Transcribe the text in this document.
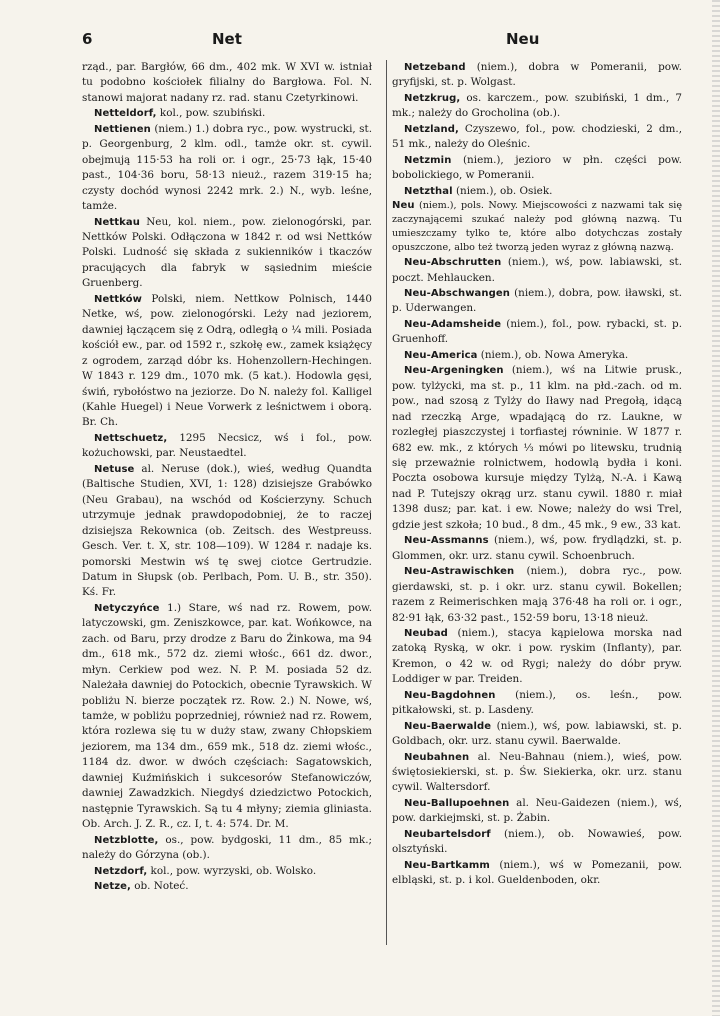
6	Net	Neu

rząd., par. Bargłów, 66 dm., 402 mk. W XVI w. istniał tu podobno kościołek filialny do Bargłowa. Fol. N. stanowi majorat nadany rz. rad. stanu Czetyrkinowi.

Netteldorf, kol., pow. szubiński.

Nettienen (niem.) 1.) dobra ryc., pow. wystrucki, st. p. Georgenburg, 2 klm. odl., tamże okr. st. cywil. obejmują 115·53 ha roli or. i ogr., 25·73 łąk, 15·40 past., 104·36 boru, 58·13 nieuż., razem 319·15 ha; czysty dochód wynosi 2242 mrk. 2.) N., wyb. leśne, tamże.

Nettkau Neu, kol. niem., pow. zielonogórski, par. Nettków Polski. Odłączona w 1842 r. od wsi Nettków Polski. Ludność się składa z sukienników i tkaczów pracujących dla fabryk w sąsiednim mieście Gruenberg.

Nettków Polski, niem. Nettkow Polnisch, 1440 Netke, wś, pow. zielonogórski. Leży nad jeziorem, dawniej łączącem się z Odrą, odległą o ¼ mili. Posiada kościół ew., par. od 1592 r., szkołę ew., zamek książęcy z ogrodem, zarząd dóbr ks. Hohenzollern-Hechingen. W 1843 r. 129 dm., 1070 mk. (5 kat.). Hodowla gęsi, świń, rybołóstwo na jeziorze. Do N. należy fol. Kalligel (Kahle Huegel) i Neue Vorwerk z leśnictwem i oborą. Br. Ch.

Nettschuetz, 1295 Necsicz, wś i fol., pow. kożuchowski, par. Neustaedtel.

Netuse al. Neruse (dok.), wieś, według Quandta (Baltische Studien, XVI, 1: 128) dzisiejsze Grabówko (Neu Grabau), na wschód od Kościerzyny. Schuch utrzymuje jednak prawdopodobniej, że to raczej dzisiejsza Rekownica (ob. Zeitsch. des Westpreuss. Gesch. Ver. t. X, str. 108—109). W 1284 r. nadaje ks. pomorski Mestwin wś tę swej ciotce Gertrudzie. Datum in Słupsk (ob. Perlbach, Pom. U. B., str. 350). Kś. Fr.

Netyczyńce 1.) Stare, wś nad rz. Rowem, pow. latyczowski, gm. Zeniszkowce, par. kat. Wońkowce, na zach. od Baru, przy drodze z Baru do Żinkowa, ma 94 dm., 618 mk., 572 dz. ziemi włośc., 661 dz. dwor., młyn. Cerkiew pod wez. N. P. M. posiada 52 dz. Należała dawniej do Potockich, obecnie Tyrawskich. W pobliżu N. bierze początek rz. Row. 2.) N. Nowe, wś, tamże, w pobliżu poprzedniej, również nad rz. Rowem, która rozlewa się tu w duży staw, zwany Chłopskiem jeziorem, ma 134 dm., 659 mk., 518 dz. ziemi włośc., 1184 dz. dwor. w dwóch częściach: Sagatowskich, dawniej Kuźmińskich i sukcesorów Stefanowiczów, dawniej Zawadzkich. Niegdyś dziedzictwo Potockich, następnie Tyrawskich. Są tu 4 młyny; ziemia gliniasta. Ob. Arch. J. Z. R., cz. I, t. 4: 574. Dr. M.

Netzblotte, os., pow. bydgoski, 11 dm., 85 mk.; należy do Górzyna (ob.).

Netzdorf, kol., pow. wyrzyski, ob. Wolsko.

Netze, ob. Noteć.

Netzeband (niem.), dobra w Pomeranii, pow. gryfijski, st. p. Wolgast.

Netzkrug, os. karczem., pow. szubiński, 1 dm., 7 mk.; należy do Grocholina (ob.).

Netzland, Czyszewo, fol., pow. chodzieski, 2 dm., 51 mk., należy do Oleśnic.

Netzmin (niem.), jezioro w płn. części pow. bobolickiego, w Pomeranii.

Netzthal (niem.), ob. Osiek.

Neu (niem.), pols. Nowy. Miejscowości z nazwami tak się zaczynającemi szukać należy pod główną nazwą. Tu umieszczamy tylko te, które albo dotychczas zostały opuszczone, albo też tworzą jeden wyraz z główną nazwą.

Neu-Abschrutten (niem.), wś, pow. labiawski, st. poczt. Mehlaucken.

Neu-Abschwangen (niem.), dobra, pow. iławski, st. p. Uderwangen.

Neu-Adamsheide (niem.), fol., pow. rybacki, st. p. Gruenhoff.

Neu-America (niem.), ob. Nowa Ameryka.

Neu-Argeningken (niem.), wś na Litwie prusk., pow. tylżycki, ma st. p., 11 klm. na płd.-zach. od m. pow., nad szosą z Tylży do Iławy nad Pregołą, idącą nad rzeczką Arge, wpadającą do rz. Laukne, w rozległej piaszczystej i torfiastej równinie. W 1877 r. 682 ew. mk., z których ⅓ mówi po litewsku, trudnią się przeważnie rolnictwem, hodowlą bydła i koni. Poczta osobowa kursuje między Tylżą, N.-A. i Kawą nad P. Tutejszy okrąg urz. stanu cywil. 1880 r. miał 1398 dusz; par. kat. i ew. Nowe; należy do wsi Trel, gdzie jest szkoła; 10 bud., 8 dm., 45 mk., 9 ew., 33 kat.

Neu-Assmanns (niem.), wś, pow. frydlądzki, st. p. Glommen, okr. urz. stanu cywil. Schoenbruch.

Neu-Astrawischken (niem.), dobra ryc., pow. gierdawski, st. p. i okr. urz. stanu cywil. Bokellen; razem z Reimerischken mają 376·48 ha roli or. i ogr., 82·91 łąk, 63·32 past., 152·59 boru, 13·18 nieuż.

Neubad (niem.), stacya kąpielowa morska nad zatoką Ryską, w okr. i pow. ryskim (Inflanty), par. Kremon, o 42 w. od Rygi; należy do dóbr pryw. Loddiger w par. Treiden.

Neu-Bagdohnen (niem.), os. leśn., pow. pitkałowski, st. p. Lasdeny.

Neu-Baerwalde (niem.), wś, pow. labiawski, st. p. Goldbach, okr. urz. stanu cywil. Baerwalde.

Neubahnen al. Neu-Bahnau (niem.), wieś, pow. świętosiekierski, st. p. Św. Siekierka, okr. urz. stanu cywil. Waltersdorf.

Neu-Ballupoehnen al. Neu-Gaidezen (niem.), wś, pow. darkiejmski, st. p. Żabin.

Neubartelsdorf (niem.), ob. Nowawieś, pow. olsztyński.

Neu-Bartkamm (niem.), wś w Pomezanii, pow. elbląski, st. p. i kol. Gueldenboden, okr.
